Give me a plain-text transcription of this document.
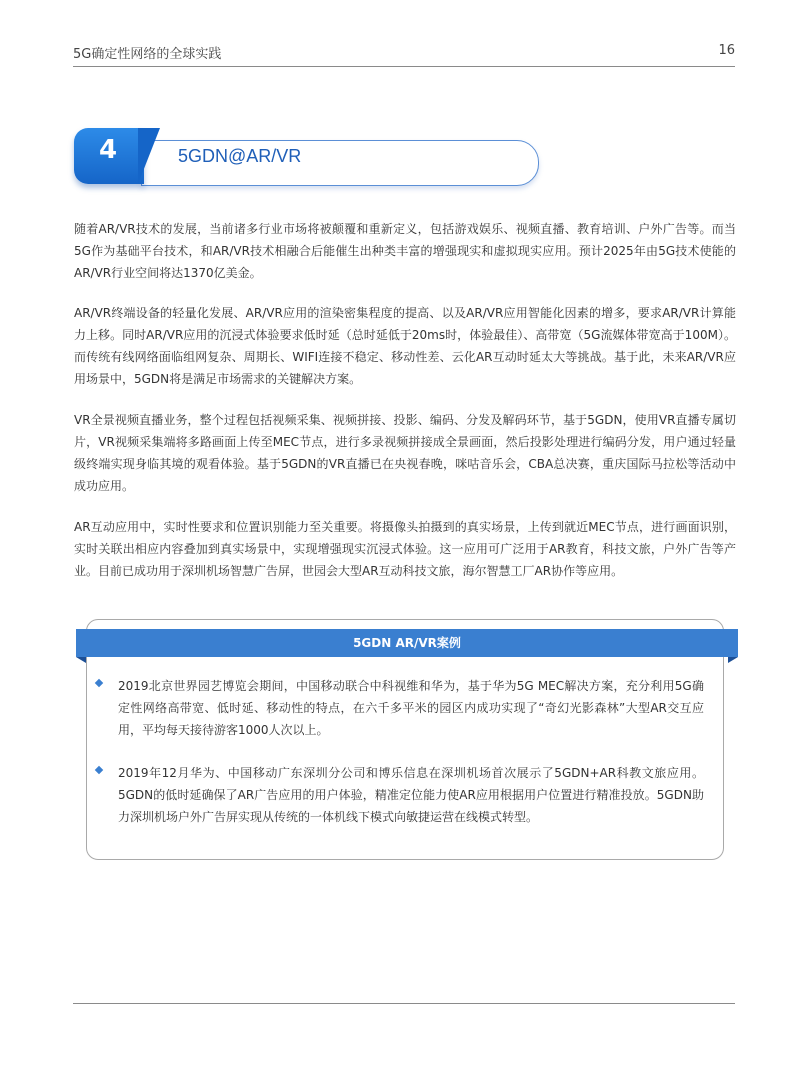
5G确定性网络的全球实践	16
4	5GDN@AR/VR

随着AR/VR技术的发展，当前诸多行业市场将被颠覆和重新定义，包括游戏娱乐、视频直播、教育培训、户外广告等。而当5G作为基础平台技术，和AR/VR技术相融合后能催生出种类丰富的增强现实和虚拟现实应用。预计2025年由5G技术使能的AR/VR行业空间将达1370亿美金。

AR/VR终端设备的轻量化发展、AR/VR应用的渲染密集程度的提高、以及AR/VR应用智能化因素的增多，要求AR/VR计算能力上移。同时AR/VR应用的沉浸式体验要求低时延（总时延低于20ms时，体验最佳）、高带宽（5G流媒体带宽高于100M）。而传统有线网络面临组网复杂、周期长、WIFI连接不稳定、移动性差、云化AR互动时延太大等挑战。基于此，未来AR/VR应用场景中，5GDN将是满足市场需求的关键解决方案。

VR全景视频直播业务，整个过程包括视频采集、视频拼接、投影、编码、分发及解码环节，基于5GDN，使用VR直播专属切片，VR视频采集端将多路画面上传至MEC节点，进行多录视频拼接成全景画面，然后投影处理进行编码分发，用户通过轻量级终端实现身临其境的观看体验。基于5GDN的VR直播已在央视春晚，咪咕音乐会，CBA总决赛，重庆国际马拉松等活动中成功应用。

AR互动应用中，实时性要求和位置识别能力至关重要。将摄像头拍摄到的真实场景，上传到就近MEC节点，进行画面识别，实时关联出相应内容叠加到真实场景中，实现增强现实沉浸式体验。这一应用可广泛用于AR教育，科技文旅，户外广告等产业。目前已成功用于深圳机场智慧广告屏，世园会大型AR互动科技文旅，海尔智慧工厂AR协作等应用。

5GDN AR/VR案例

2019北京世界园艺博览会期间，中国移动联合中科视维和华为，基于华为5G MEC解决方案，充分利用5G确定性网络高带宽、低时延、移动性的特点，在六千多平米的园区内成功实现了“奇幻光影森林”大型AR交互应用，平均每天接待游客1000人次以上。

2019年12月华为、中国移动广东深圳分公司和博乐信息在深圳机场首次展示了5GDN+AR科教文旅应用。5GDN的低时延确保了AR广告应用的用户体验，精准定位能力使AR应用根据用户位置进行精准投放。5GDN助力深圳机场户外广告屏实现从传统的一体机线下模式向敏捷运营在线模式转型。
